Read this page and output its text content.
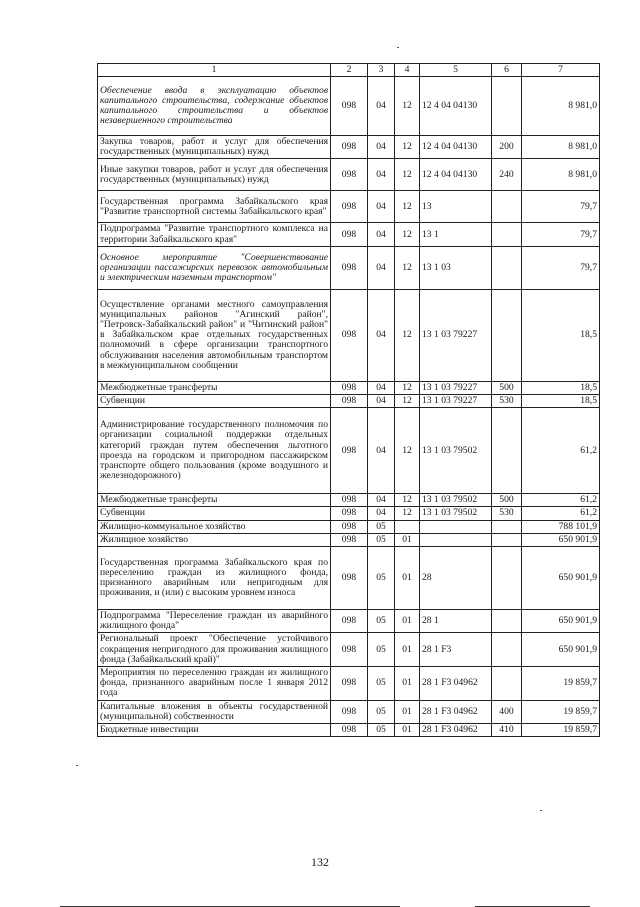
1	2	3	4	5	6	7
Обеспечение ввода в эксплуатацию объектов капитального строительства, содержание объектов капитального строительства и объектов незавершенного строительства	098	04	12	12 4 04 04130		8 981,0
Закупка товаров, работ и услуг для обеспечения государственных (муниципальных) нужд	098	04	12	12 4 04 04130	200	8 981,0
Иные закупки товаров, работ и услуг для обеспечения государственных (муниципальных) нужд	098	04	12	12 4 04 04130	240	8 981,0
Государственная программа Забайкальского края "Развитие транспортной системы Забайкальского края"	098	04	12	13		79,7
Подпрограмма "Развитие транспортного комплекса на территории Забайкальского края"	098	04	12	13 1		79,7
Основное мероприятие "Совершенствование организации пассажирских перевозок автомобильным и электрическим наземным транспортом"	098	04	12	13 1 03		79,7
Осуществление органами местного самоуправления муниципальных районов "Агинский район", "Петровск-Забайкальский район" и "Читинский район" в Забайкальском крае отдельных государственных полномочий в сфере организации транспортного обслуживания населения автомобильным транспортом в межмуниципальном сообщении	098	04	12	13 1 03 79227		18,5
Межбюджетные трансферты	098	04	12	13 1 03 79227	500	18,5
Субвенции	098	04	12	13 1 03 79227	530	18,5
Администрирование государственного полномочия по организации социальной поддержки отдельных категорий граждан путем обеспечения льготного проезда на городском и пригородном пассажирском транспорте общего пользования (кроме воздушного и железнодорожного)	098	04	12	13 1 03 79502		61,2
Межбюджетные трансферты	098	04	12	13 1 03 79502	500	61,2
Субвенции	098	04	12	13 1 03 79502	530	61,2
Жилищно-коммунальное хозяйство	098	05				788 101,9
Жилищное хозяйство	098	05	01			650 901,9
Государственная программа Забайкальского края по переселению граждан из жилищного фонда, признанного аварийным или непригодным для проживания, и (или) с высоким уровнем износа	098	05	01	28		650 901,9
Подпрограмма "Переселение граждан из аварийного жилищного фонда"	098	05	01	28 1		650 901,9
Региональный проект "Обеспечение устойчивого сокращения непригодного для проживания жилищного фонда (Забайкальский край)"	098	05	01	28 1 F3		650 901,9
Мероприятия по переселению граждан из жилищного фонда, признанного аварийным после 1 января 2012 года	098	05	01	28 1 F3 04962		19 859,7
Капитальные вложения в объекты государственной (муниципальной) собственности	098	05	01	28 1 F3 04962	400	19 859,7
Бюджетные инвестиции	098	05	01	28 1 F3 04962	410	19 859,7
132
